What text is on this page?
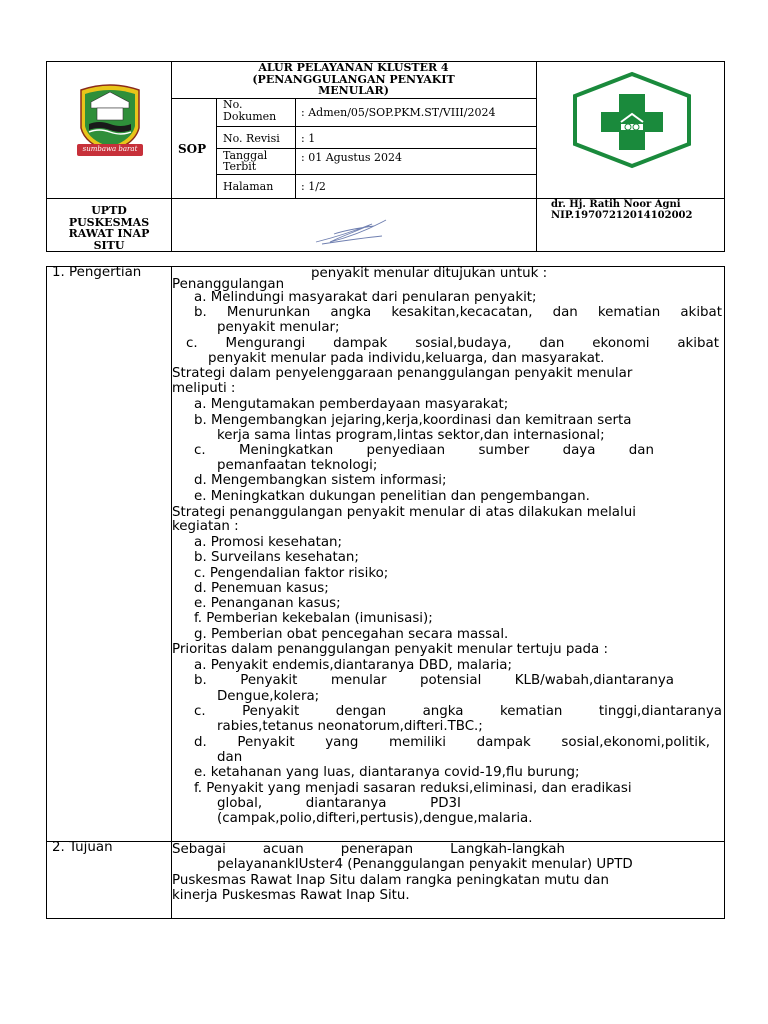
ALUR PELAYANAN KLUSTER 4
(PENANGGULANGAN PENYAKIT
MENULAR)
SOP
No. Dokumen	: Admen/05/SOP.PKM.ST/VIII/2024
No. Revisi : 1
Tanggal Terbit
: 01 Agustus 2024
Halaman	: 1/2
UPTD PUSKESMAS RAWAT INAP SITU
dr. Hj. Ratih Noor Agni
NIP.19707212014102002
sumbawa barat
1. Pengertian
2. Tujuan
penyakit menular ditujukan untuk :
Penanggulangan
a. Melindungi masyarakat dari penularan penyakit;
b. Menurunkan angka kesakitan,kecacatan, dan kematian akibat
penyakit menular;
c. Mengurangi dampak sosial,budaya, dan ekonomi akibat
penyakit menular pada individu,keluarga, dan masyarakat.
Strategi dalam penyelenggaraan penanggulangan penyakit menular
meliputi :
a. Mengutamakan pemberdayaan masyarakat;
b. Mengembangkan jejaring,kerja,koordinasi dan kemitraan serta
kerja sama lintas program,lintas sektor,dan internasional;
c. Meningkatkan penyediaan sumber daya dan
pemanfaatan teknologi;
d. Mengembangkan sistem informasi;
e. Meningkatkan dukungan penelitian dan pengembangan.
Strategi penanggulangan penyakit menular di atas dilakukan melalui
kegiatan :
a. Promosi kesehatan;
b. Surveilans kesehatan;
c. Pengendalian faktor risiko;
d. Penemuan kasus;
e. Penanganan kasus;
f. Pemberian kekebalan (imunisasi);
g. Pemberian obat pencegahan secara massal.
Prioritas dalam penanggulangan penyakit menular tertuju pada :
a. Penyakit endemis,diantaranya DBD, malaria;
b. Penyakit menular potensial KLB/wabah,diantaranya
Dengue,kolera;
c. Penyakit dengan angka kematian tinggi,diantaranya
rabies,tetanus neonatorum,difteri.TBC.;
d. Penyakit yang memiliki dampak sosial,ekonomi,politik,
dan
e. ketahanan yang luas, diantaranya covid-19,flu burung;
f. Penyakit yang menjadi sasaran reduksi,eliminasi, dan eradikasi
global, diantaranya PD3I
(campak,polio,difteri,pertusis),dengue,malaria.
Sebagai acuan penerapan Langkah-langkah
pelayanankIUster4 (Penanggulangan penyakit menular) UPTD
Puskesmas Rawat Inap Situ dalam rangka peningkatan mutu dan
kinerja Puskesmas Rawat Inap Situ.
